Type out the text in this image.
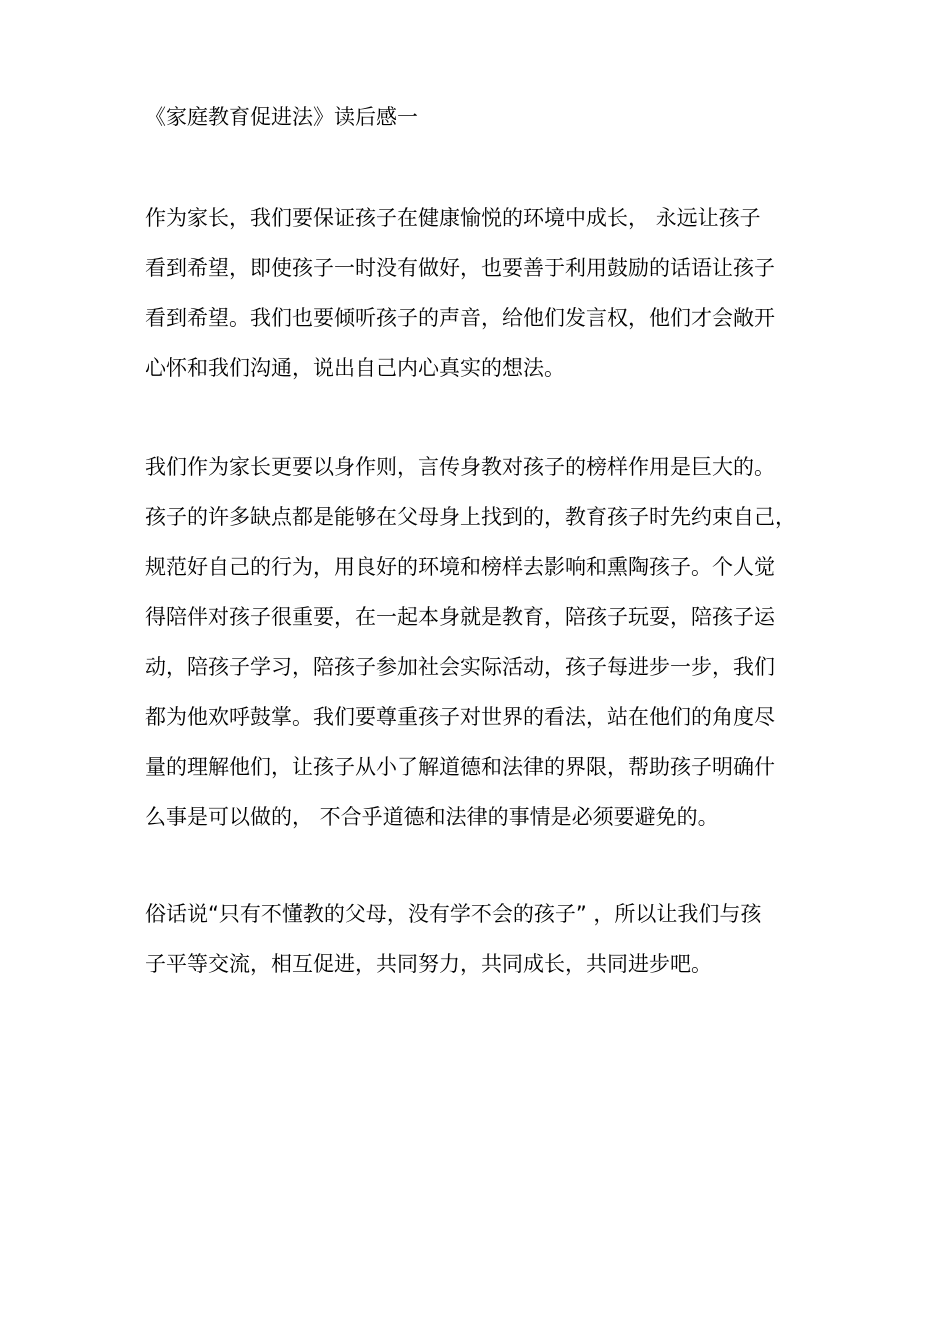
《家庭教育促进法》读后感一

作为家长，我们要保证孩子在健康愉悦的环境中成长， 永远让孩子
看到希望，即使孩子一时没有做好，也要善于利用鼓励的话语让孩子
看到希望。我们也要倾听孩子的声音，给他们发言权，他们才会敞开
心怀和我们沟通，说出自己内心真实的想法。

我们作为家长更要以身作则，言传身教对孩子的榜样作用是巨大的。
孩子的许多缺点都是能够在父母身上找到的，教育孩子时先约束自己，
规范好自己的行为，用良好的环境和榜样去影响和熏陶孩子。个人觉
得陪伴对孩子很重要，在一起本身就是教育，陪孩子玩耍，陪孩子运
动，陪孩子学习，陪孩子参加社会实际活动，孩子每进步一步，我们
都为他欢呼鼓掌。我们要尊重孩子对世界的看法，站在他们的角度尽
量的理解他们，让孩子从小了解道德和法律的界限，帮助孩子明确什
么事是可以做的， 不合乎道德和法律的事情是必须要避免的。

俗话说“只有不懂教的父母，没有学不会的孩子” ，所以让我们与孩
子平等交流，相互促进，共同努力，共同成长，共同进步吧。
